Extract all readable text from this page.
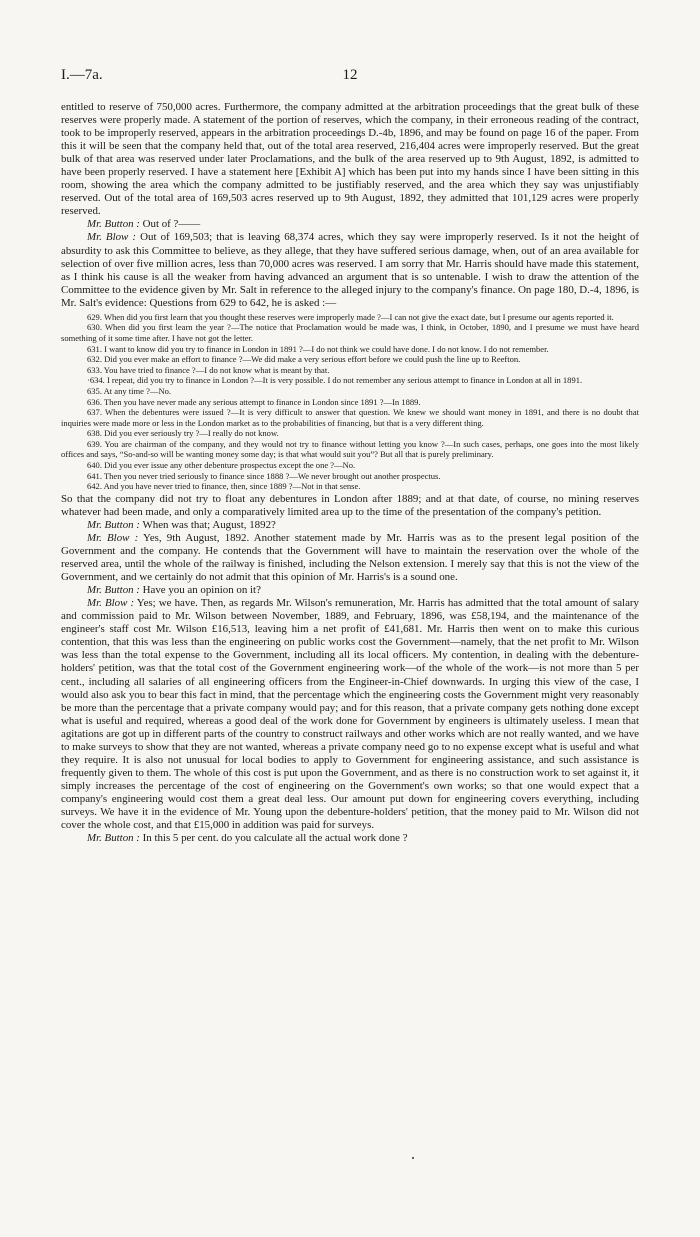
I.—7a.	12

entitled to reserve of 750,000 acres. Furthermore, the company admitted at the arbitration proceedings that the great bulk of these reserves were properly made. A statement of the portion of reserves, which the company, in their erroneous reading of the contract, took to be improperly reserved, appears in the arbitration proceedings D.-4b, 1896, and may be found on page 16 of the paper. From this it will be seen that the company held that, out of the total area reserved, 216,404 acres were improperly reserved. But the great bulk of that area was reserved under later Proclamations, and the bulk of the area reserved up to 9th August, 1892, is admitted to have been properly reserved. I have a statement here [Exhibit A] which has been put into my hands since I have been sitting in this room, showing the area which the company admitted to be justifiably reserved, and the area which they say was unjustifiably reserved. Out of the total area of 169,503 acres reserved up to 9th August, 1892, they admitted that 101,129 acres were properly reserved.

Mr. Button : Out of ?——

Mr. Blow : Out of 169,503; that is leaving 68,374 acres, which they say were improperly reserved. Is it not the height of absurdity to ask this Committee to believe, as they allege, that they have suffered serious damage, when, out of an area available for selection of over five million acres, less than 70,000 acres was reserved. I am sorry that Mr. Harris should have made this statement, as I think his cause is all the weaker from having advanced an argument that is so untenable. I wish to draw the attention of the Committee to the evidence given by Mr. Salt in reference to the alleged injury to the company's finance. On page 180, D.-4, 1896, is Mr. Salt's evidence: Questions from 629 to 642, he is asked :—

629. When did you first learn that you thought these reserves were improperly made ?—I can not give the exact date, but I presume our agents reported it.

630. When did you first learn the year ?—The notice that Proclamation would be made was, I think, in October, 1890, and I presume we must have heard something of it some time after. I have not got the letter.

631. I want to know did you try to finance in London in 1891 ?—I do not think we could have done. I do not know. I do not remember.

632. Did you ever make an effort to finance ?—We did make a very serious effort before we could push the line up to Reefton.

633. You have tried to finance ?—I do not know what is meant by that.

·634. I repeat, did you try to finance in London ?—It is very possible. I do not remember any serious attempt to finance in London at all in 1891.

635. At any time ?—No.

636. Then you have never made any serious attempt to finance in London since 1891 ?—In 1889.

637. When the debentures were issued ?—It is very difficult to answer that question. We knew we should want money in 1891, and there is no doubt that inquiries were made more or less in the London market as to the probabilities of financing, but that is a very different thing.

638. Did you ever seriously try ?—I really do not know.

639. You are chairman of the company, and they would not try to finance without letting you know ?—In such cases, perhaps, one goes into the most likely offices and says, “So-and-so will be wanting money some day; is that what would suit you”? But all that is purely preliminary.

640. Did you ever issue any other debenture prospectus except the one ?—No.

641. Then you never tried seriously to finance since 1888 ?—We never brought out another prospectus.

642. And you have never tried to finance, then, since 1889 ?—Not in that sense.

So that the company did not try to float any debentures in London after 1889; and at that date, of course, no mining reserves whatever had been made, and only a comparatively limited area up to the time of the presentation of the company's petition.

Mr. Button : When was that; August, 1892?

Mr. Blow : Yes, 9th August, 1892. Another statement made by Mr. Harris was as to the present legal position of the Government and the company. He contends that the Government will have to maintain the reservation over the whole of the reserved area, until the whole of the railway is finished, including the Nelson extension. I merely say that this is not the view of the Government, and we certainly do not admit that this opinion of Mr. Harris's is a sound one.

Mr. Button : Have you an opinion on it?

Mr. Blow : Yes; we have. Then, as regards Mr. Wilson's remuneration, Mr. Harris has admitted that the total amount of salary and commission paid to Mr. Wilson between November, 1889, and February, 1896, was £58,194, and the maintenance of the engineer's staff cost Mr. Wilson £16,513, leaving him a net profit of £41,681. Mr. Harris then went on to make this curious contention, that this was less than the engineering on public works cost the Government—namely, that the net profit to Mr. Wilson was less than the total expense to the Government, including all its local officers. My contention, in dealing with the debenture-holders' petition, was that the total cost of the Government engineering work—of the whole of the work—is not more than 5 per cent., including all salaries of all engineering officers from the Engineer-in-Chief downwards. In urging this view of the case, I would also ask you to bear this fact in mind, that the percentage which the engineering costs the Government might very reasonably be more than the percentage that a private company would pay; and for this reason, that a private company gets nothing done except what is useful and required, whereas a good deal of the work done for Government by engineers is ultimately useless. I mean that agitations are got up in different parts of the country to construct railways and other works which are not really wanted, and we have to make surveys to show that they are not wanted, whereas a private company need go to no expense except what is useful and what they require. It is also not unusual for local bodies to apply to Government for engineering assistance, and such assistance is frequently given to them. The whole of this cost is put upon the Government, and as there is no construction work to set against it, it simply increases the percentage of the cost of engineering on the Government's own works; so that one would expect that a company's engineering would cost them a great deal less. Our amount put down for engineering covers everything, including surveys. We have it in the evidence of Mr. Young upon the debenture-holders' petition, that the money paid to Mr. Wilson did not cover the whole cost, and that £15,000 in addition was paid for surveys.

Mr. Button : In this 5 per cent. do you calculate all the actual work done ?
